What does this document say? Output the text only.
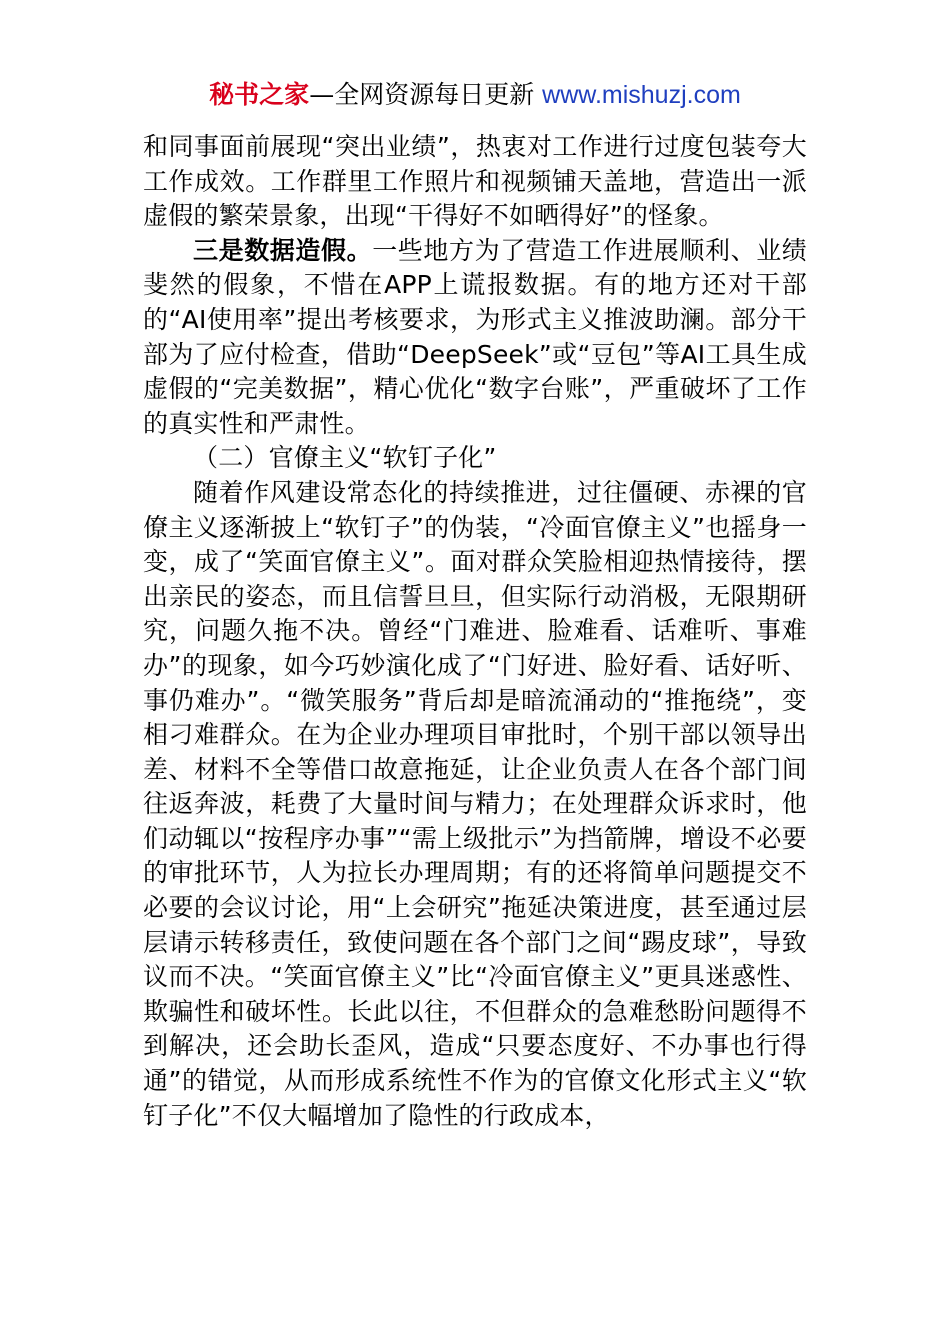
秘书之家—全网资源每日更新 www.mishuzj.com

和同事面前展现“突出业绩”，热衷对工作进行过度包装夸大工作成效。工作群里工作照片和视频铺天盖地，营造出一派虚假的繁荣景象，出现“干得好不如晒得好”的怪象。

三是数据造假。一些地方为了营造工作进展顺利、业绩斐然的假象，不惜在APP上谎报数据。有的地方还对干部的“AI使用率”提出考核要求，为形式主义推波助澜。部分干部为了应付检查，借助“DeepSeek”或“豆包”等AI工具生成虚假的“完美数据”，精心优化“数字台账”，严重破坏了工作的真实性和严肃性。

（二）官僚主义“软钉子化”

随着作风建设常态化的持续推进，过往僵硬、赤裸的官僚主义逐渐披上“软钉子”的伪装，“冷面官僚主义”也摇身一变，成了“笑面官僚主义”。面对群众笑脸相迎热情接待，摆出亲民的姿态，而且信誓旦旦，但实际行动消极，无限期研究，问题久拖不决。曾经“门难进、脸难看、话难听、事难办”的现象，如今巧妙演化成了“门好进、脸好看、话好听、事仍难办”。“微笑服务”背后却是暗流涌动的“推拖绕”，变相刁难群众。在为企业办理项目审批时，个别干部以领导出差、材料不全等借口故意拖延，让企业负责人在各个部门间往返奔波，耗费了大量时间与精力；在处理群众诉求时，他们动辄以“按程序办事”“需上级批示”为挡箭牌，增设不必要的审批环节，人为拉长办理周期；有的还将简单问题提交不必要的会议讨论，用“上会研究”拖延决策进度，甚至通过层层请示转移责任，致使问题在各个部门之间“踢皮球”，导致议而不决。“笑面官僚主义”比“冷面官僚主义”更具迷惑性、欺骗性和破坏性。长此以往，不但群众的急难愁盼问题得不到解决，还会助长歪风，造成“只要态度好、不办事也行得通”的错觉，从而形成系统性不作为的官僚文化形式主义“软钉子化”不仅大幅增加了隐性的行政成本，
